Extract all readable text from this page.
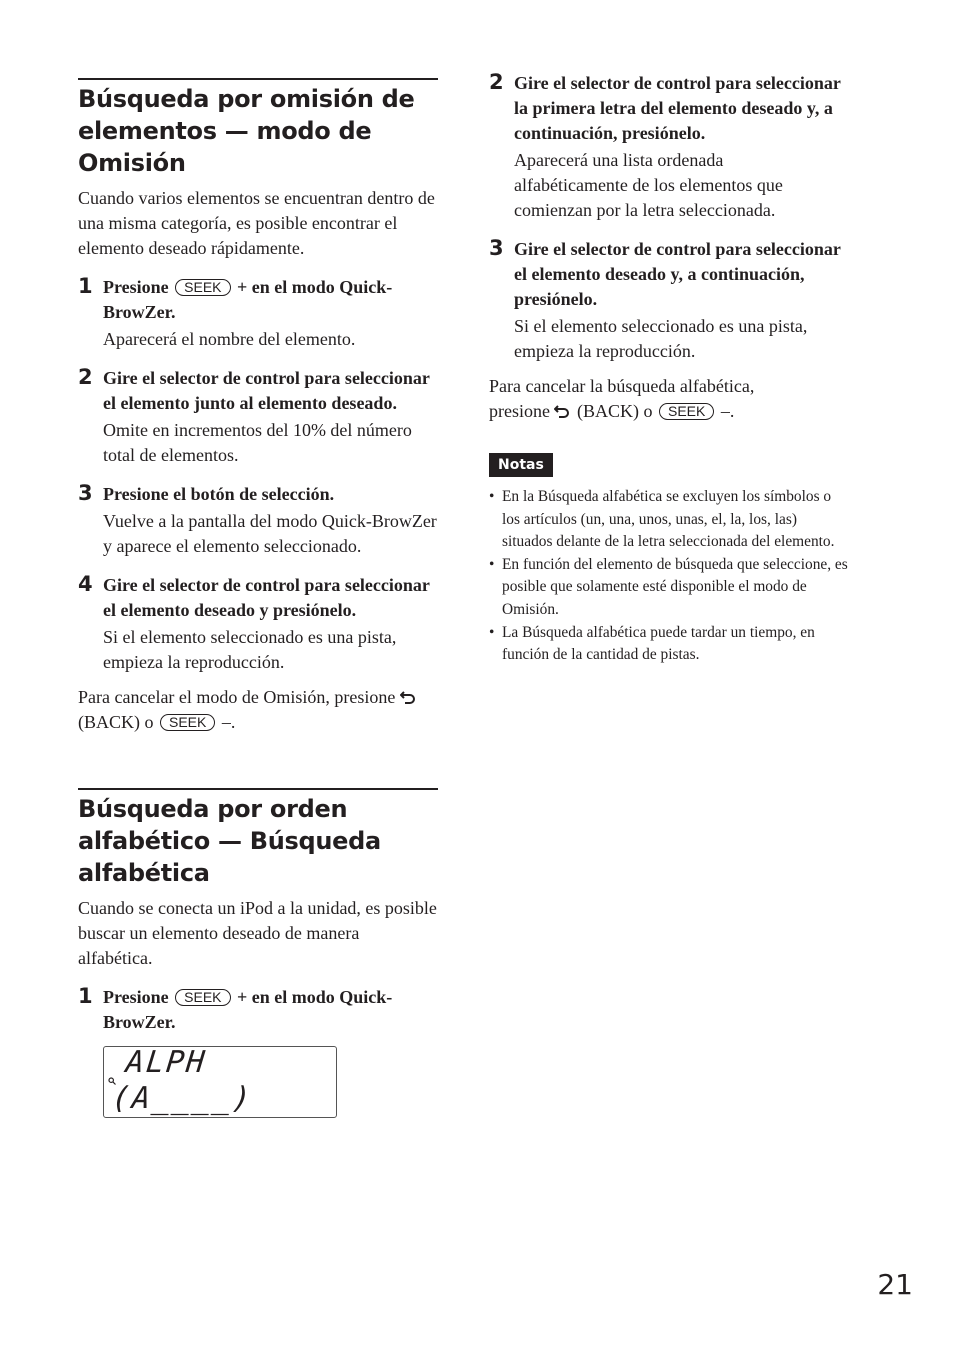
Búsqueda por omisión de elementos — modo de Omisión

Cuando varios elementos se encuentran dentro de una misma categoría, es posible encontrar el elemento deseado rápidamente.

1 Presione SEEK + en el modo Quick-BrowZer.

Aparecerá el nombre del elemento.

2 Gire el selector de control para seleccionar el elemento junto al elemento deseado.

Omite en incrementos del 10% del número total de elementos.

3 Presione el botón de selección.

Vuelve a la pantalla del modo Quick-BrowZer y aparece el elemento seleccionado.

4 Gire el selector de control para seleccionar el elemento deseado y presiónelo.

Si el elemento seleccionado es una pista, empieza la reproducción.

Para cancelar el modo de Omisión, presione  (BACK) o SEEK –.

Búsqueda por orden alfabético — Búsqueda alfabética

Cuando se conecta un iPod a la unidad, es posible buscar un elemento deseado de manera alfabética.

1 Presione SEEK + en el modo Quick-BrowZer.

ALPH
(A____)
2 Gire el selector de control para seleccionar la primera letra del elemento deseado y, a continuación, presiónelo.

Aparecerá una lista ordenada alfabéticamente de los elementos que comienzan por la letra seleccionada.

3 Gire el selector de control para seleccionar el elemento deseado y, a continuación, presiónelo.

Si el elemento seleccionado es una pista, empieza la reproducción.

Para cancelar la búsqueda alfabética, presione (BACK) o SEEK –.

Notas
• En la Búsqueda alfabética se excluyen los símbolos o los artículos (un, una, unos, unas, el, la, los, las) situados delante de la letra seleccionada del elemento.
• En función del elemento de búsqueda que seleccione, es posible que solamente esté disponible el modo de Omisión.
• La Búsqueda alfabética puede tardar un tiempo, en función de la cantidad de pistas.
21
